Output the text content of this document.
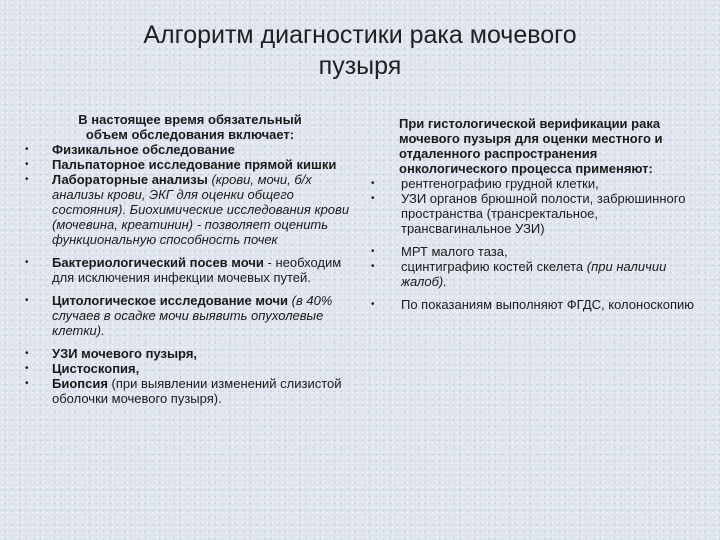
Алгоритм диагностики рака мочевого
пузыря
В настоящее время обязательный
объем обследования включает:
• Физикальное обследование
• Пальпаторное исследование прямой кишки
• Лабораторные анализы (крови, мочи, б/х анализы крови, ЭКГ для оценки общего состояния). Биохимические исследования крови (мочевина, креатинин) - позволяет оценить функциональную способность почек
• Бактериологический посев мочи - необходим для исключения инфекции мочевых путей.
• Цитологическое исследование мочи (в 40% случаев в осадке мочи выявить опухолевые клетки).
• УЗИ мочевого пузыря,
• Цистоскопия,
• Биопсия (при выявлении изменений слизистой оболочки мочевого пузыря).
При гистологической верификации рака мочевого пузыря для оценки местного и отдаленного распространения онкологического процесса применяют:
• рентгенографию грудной клетки,
• УЗИ органов брюшной полости, забрюшинного пространства (трансректальное, трансвагинальное УЗИ)
• МРТ малого таза,
• сцинтиграфию костей скелета (при наличии жалоб).
• По показаниям выполняют ФГДС, колоноскопию
